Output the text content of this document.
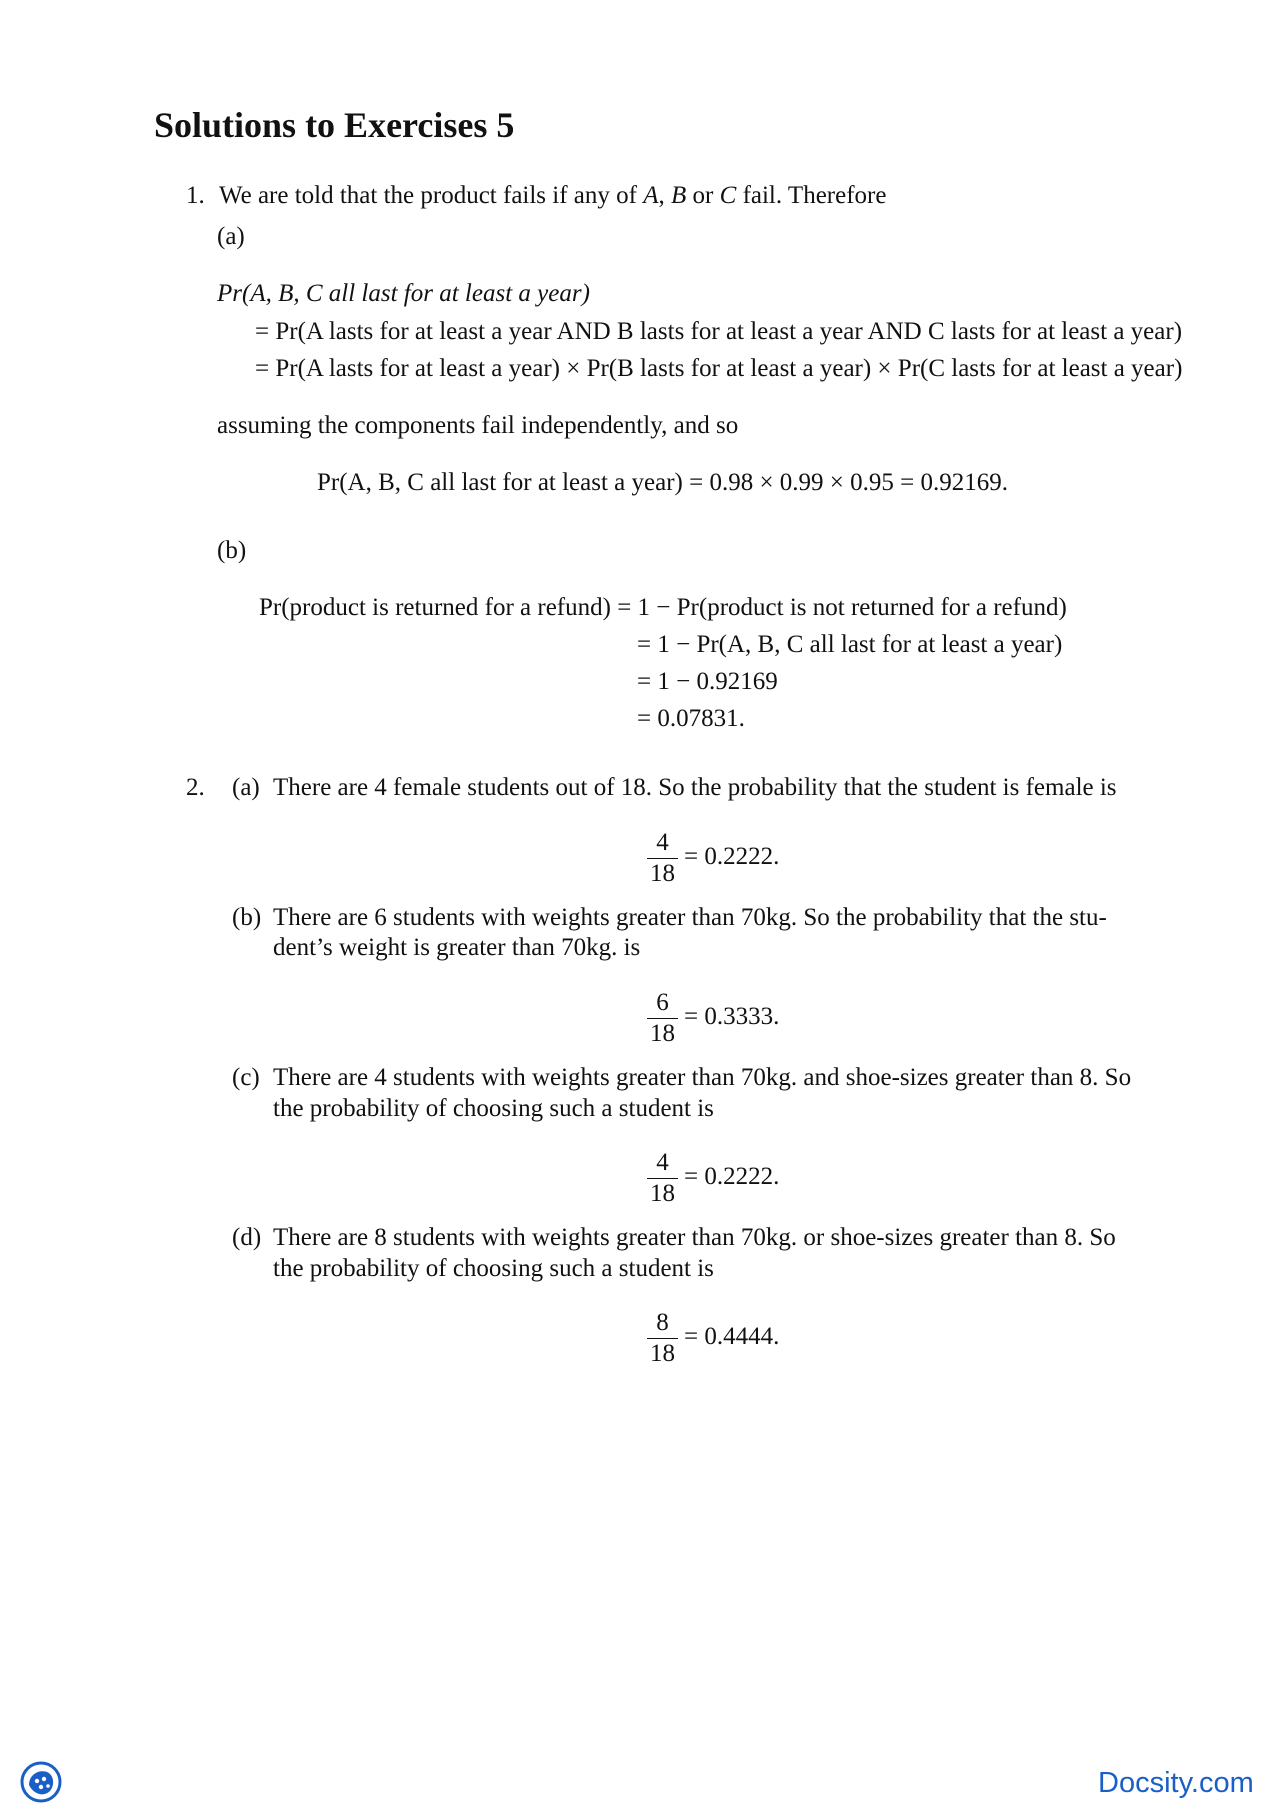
Solutions to Exercises 5
1. We are told that the product fails if any of A, B or C fail. Therefore
(a)
Pr(A, B, C all last for at least a year)
= Pr(A lasts for at least a year AND B lasts for at least a year AND C lasts for at least a year)
= Pr(A lasts for at least a year) × Pr(B lasts for at least a year) × Pr(C lasts for at least a year)
assuming the components fail independently, and so
Pr(A, B, C all last for at least a year) = 0.98 × 0.99 × 0.95 = 0.92169.
(b)
Pr(product is returned for a refund) = 1 − Pr(product is not returned for a refund)
= 1 − Pr(A, B, C all last for at least a year)
= 1 − 0.92169
= 0.07831.
2. (a) There are 4 female students out of 18. So the probability that the student is female is
$\frac{4}{18} = 0.2222$.
(b) There are 6 students with weights greater than 70kg. So the probability that the stu-
dent’s weight is greater than 70kg. is
$\frac{6}{18} = 0.3333$.
(c) There are 4 students with weights greater than 70kg. and shoe-sizes greater than 8. So
the probability of choosing such a student is
$\frac{4}{18} = 0.2222$.
(d) There are 8 students with weights greater than 70kg. or shoe-sizes greater than 8. So
the probability of choosing such a student is
$\frac{8}{18} = 0.4444$.
Docsity.com
